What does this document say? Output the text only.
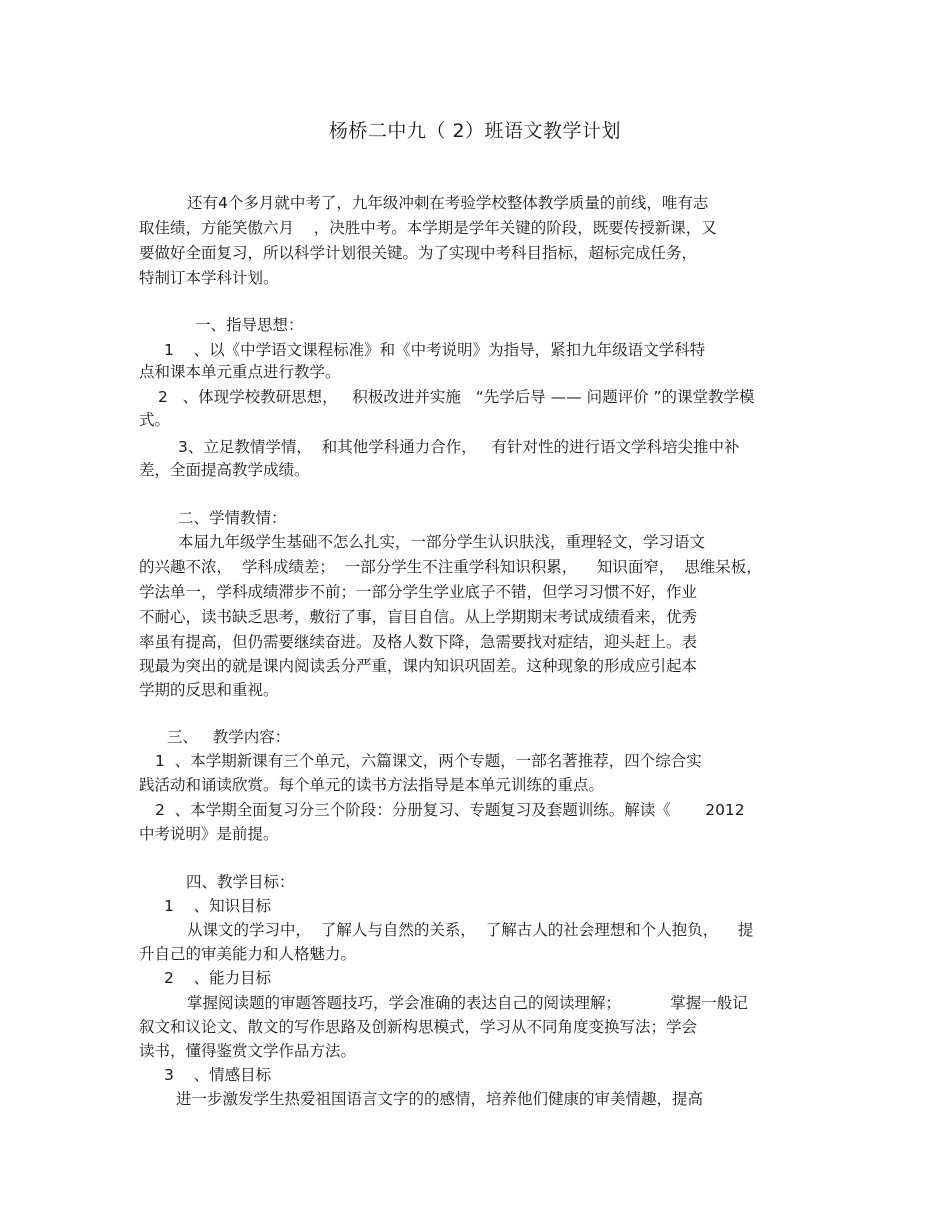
杨桥二中九（ 2）班语文教学计划
还有4个多月就中考了，九年级冲刺在考验学校整体教学质量的前线，唯有志
取佳绩，方能笑傲六月    ，决胜中考。本学期是学年关键的阶段，既要传授新课，又
要做好全面复习，所以科学计划很关键。为了实现中考科目指标，超标完成任务，
特制订本学科计划。
一、指导思想：
1    、以《中学语文课程标准》和《中考说明》为指导，紧扣九年级语文学科特
点和课本单元重点进行教学。
2   、体现学校教研思想，   积极改进并实施   “先学后导 —— 问题评价 ”的课堂教学模
式。
3、立足教情学情，  和其他学科通力合作，   有针对性的进行语文学科培尖推中补
差，全面提高教学成绩。
二、学情教情：
本届九年级学生基础不怎么扎实，一部分学生认识肤浅，重理轻文，学习语文
的兴趣不浓，  学科成绩差；  一部分学生不注重学科知识积累，    知识面窄，  思维呆板，
学法单一，学科成绩滞步不前；一部分学生学业底子不错，但学习习惯不好，作业
不耐心，读书缺乏思考，敷衍了事，盲目自信。从上学期期末考试成绩看来，优秀
率虽有提高，但仍需要继续奋进。及格人数下降，急需要找对症结，迎头赶上。表
现最为突出的就是课内阅读丢分严重，课内知识巩固差。这种现象的形成应引起本
学期的反思和重视。
三、   教学内容：
1  、本学期新课有三个单元，六篇课文，两个专题，一部名著推荐，四个综合实
践活动和诵读欣赏。每个单元的读书方法指导是本单元训练的重点。
2  、本学期全面复习分三个阶段：分册复习、专题复习及套题训练。解读《       2012
中考说明》是前提。
四、教学目标：
1    、知识目标
从课文的学习中，  了解人与自然的关系，  了解古人的社会理想和个人抱负，    提
升自己的审美能力和人格魅力。
2    、能力目标
掌握阅读题的审题答题技巧，学会准确的表达自己的阅读理解；          掌握一般记
叙文和议论文、散文的写作思路及创新构思模式，学习从不同角度变换写法；学会
读书，懂得鉴赏文学作品方法。
3    、情感目标
进一步激发学生热爱祖国语言文字的的感情，培养他们健康的审美情趣，提高
